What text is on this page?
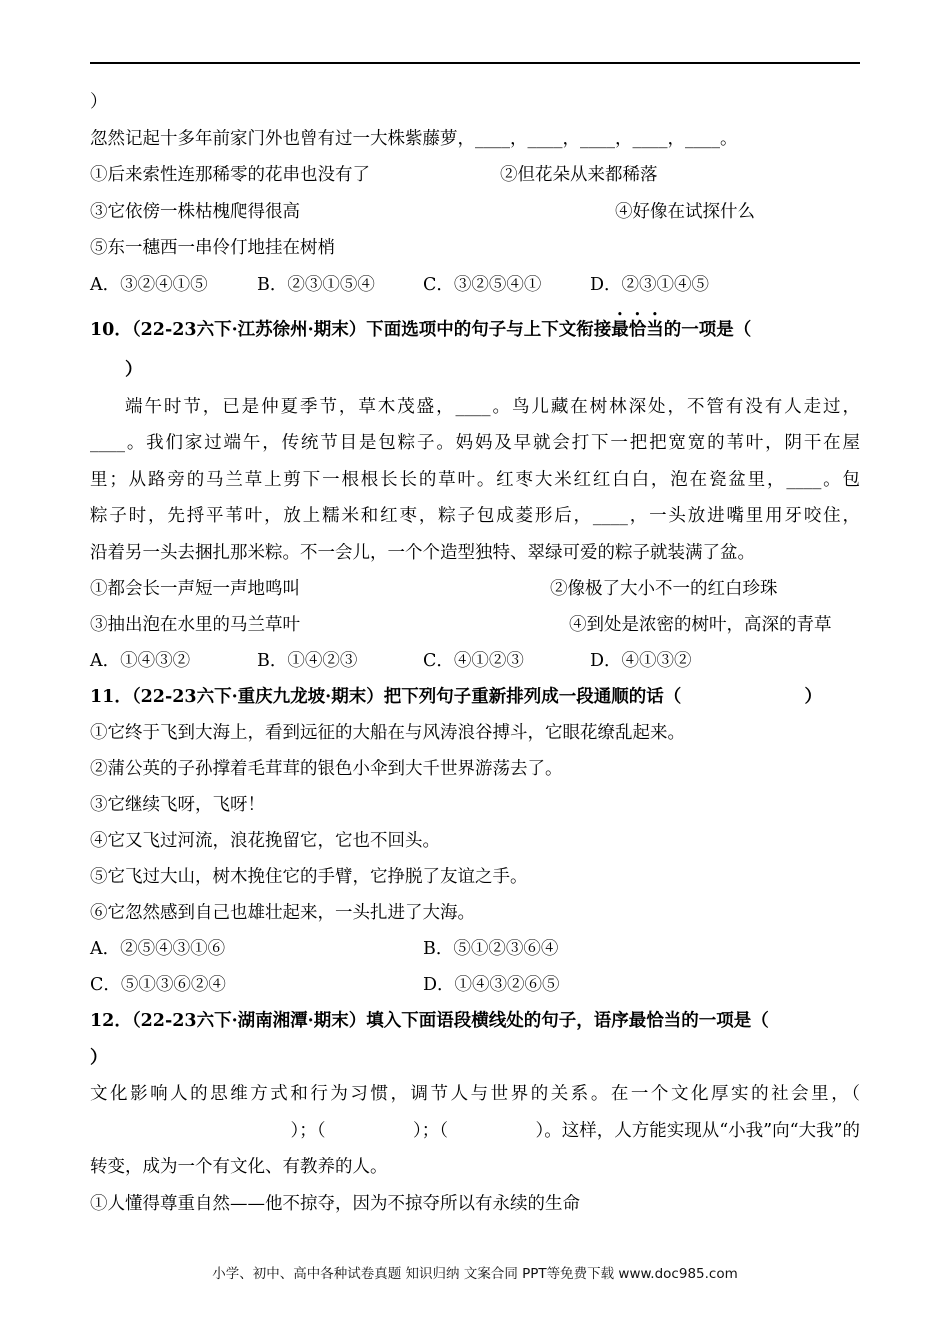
）
忽然记起十多年前家门外也曾有过一大株紫藤萝，____，____，____，____，____。
①后来索性连那稀零的花串也没有了	②但花朵从来都稀落
③它依傍一株枯槐爬得很高	④好像在试探什么
⑤东一穗西一串伶仃地挂在树梢
A．③②④①⑤	B．②③①⑤④	C．③②⑤④①	D．②③①④⑤
10．（22-23六下·江苏徐州·期末）下面选项中的句子与上下文衔接最恰当的一项是（
）
端午时节，已是仲夏季节，草木茂盛，____。鸟儿藏在树林深处，不管有没有人走过，
____。我们家过端午，传统节目是包粽子。妈妈及早就会打下一把把宽宽的苇叶，阴干在屋
里；从路旁的马兰草上剪下一根根长长的草叶。红枣大米红红白白，泡在瓷盆里，____。包
粽子时，先捋平苇叶，放上糯米和红枣，粽子包成菱形后，____，一头放进嘴里用牙咬住，
沿着另一头去捆扎那米粽。不一会儿，一个个造型独特、翠绿可爱的粽子就装满了盆。
①都会长一声短一声地鸣叫	②像极了大小不一的红白珍珠
③抽出泡在水里的马兰草叶	④到处是浓密的树叶，高深的青草
A．①④③②	B．①④②③	C．④①②③	D．④①③②
11．（22-23六下·重庆九龙坡·期末）把下列句子重新排列成一段通顺的话（	）
①它终于飞到大海上，看到远征的大船在与风涛浪谷搏斗，它眼花缭乱起来。
②蒲公英的子孙撑着毛茸茸的银色小伞到大千世界游荡去了。
③它继续飞呀，飞呀！
④它又飞过河流，浪花挽留它，它也不回头。
⑤它飞过大山，树木挽住它的手臂，它挣脱了友谊之手。
⑥它忽然感到自己也雄壮起来，一头扎进了大海。
A．②⑤④③①⑥	B．⑤①②③⑥④
C．⑤①③⑥②④	D．①④③②⑥⑤
12．（22-23六下·湖南湘潭·期末）填入下面语段横线处的句子，语序最恰当的一项是（
）
文化影响人的思维方式和行为习惯，调节人与世界的关系。在一个文化厚实的社会里，（
）；（　　　　　）；（　　　　　）。这样，人方能实现从“小我”向“大我”的
转变，成为一个有文化、有教养的人。
①人懂得尊重自然——他不掠夺，因为不掠夺所以有永续的生命
小学、初中、高中各种试卷真题 知识归纳 文案合同 PPT等免费下载 www.doc985.com
